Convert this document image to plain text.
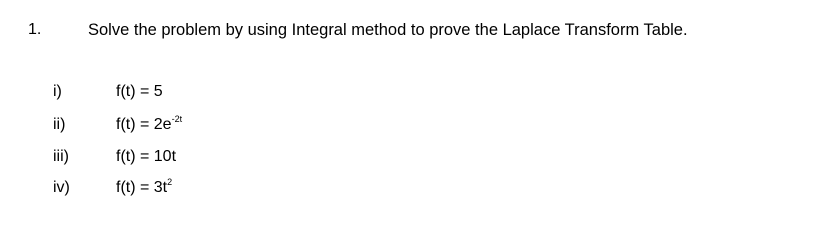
1.	Solve the problem by using Integral method to prove the Laplace Transform Table.
i)	f(t) = 5
ii)	$f(t) = 2e^{-2t}$
iii)	f(t) = 10t
iv)	$f(t) = 3t^2$
